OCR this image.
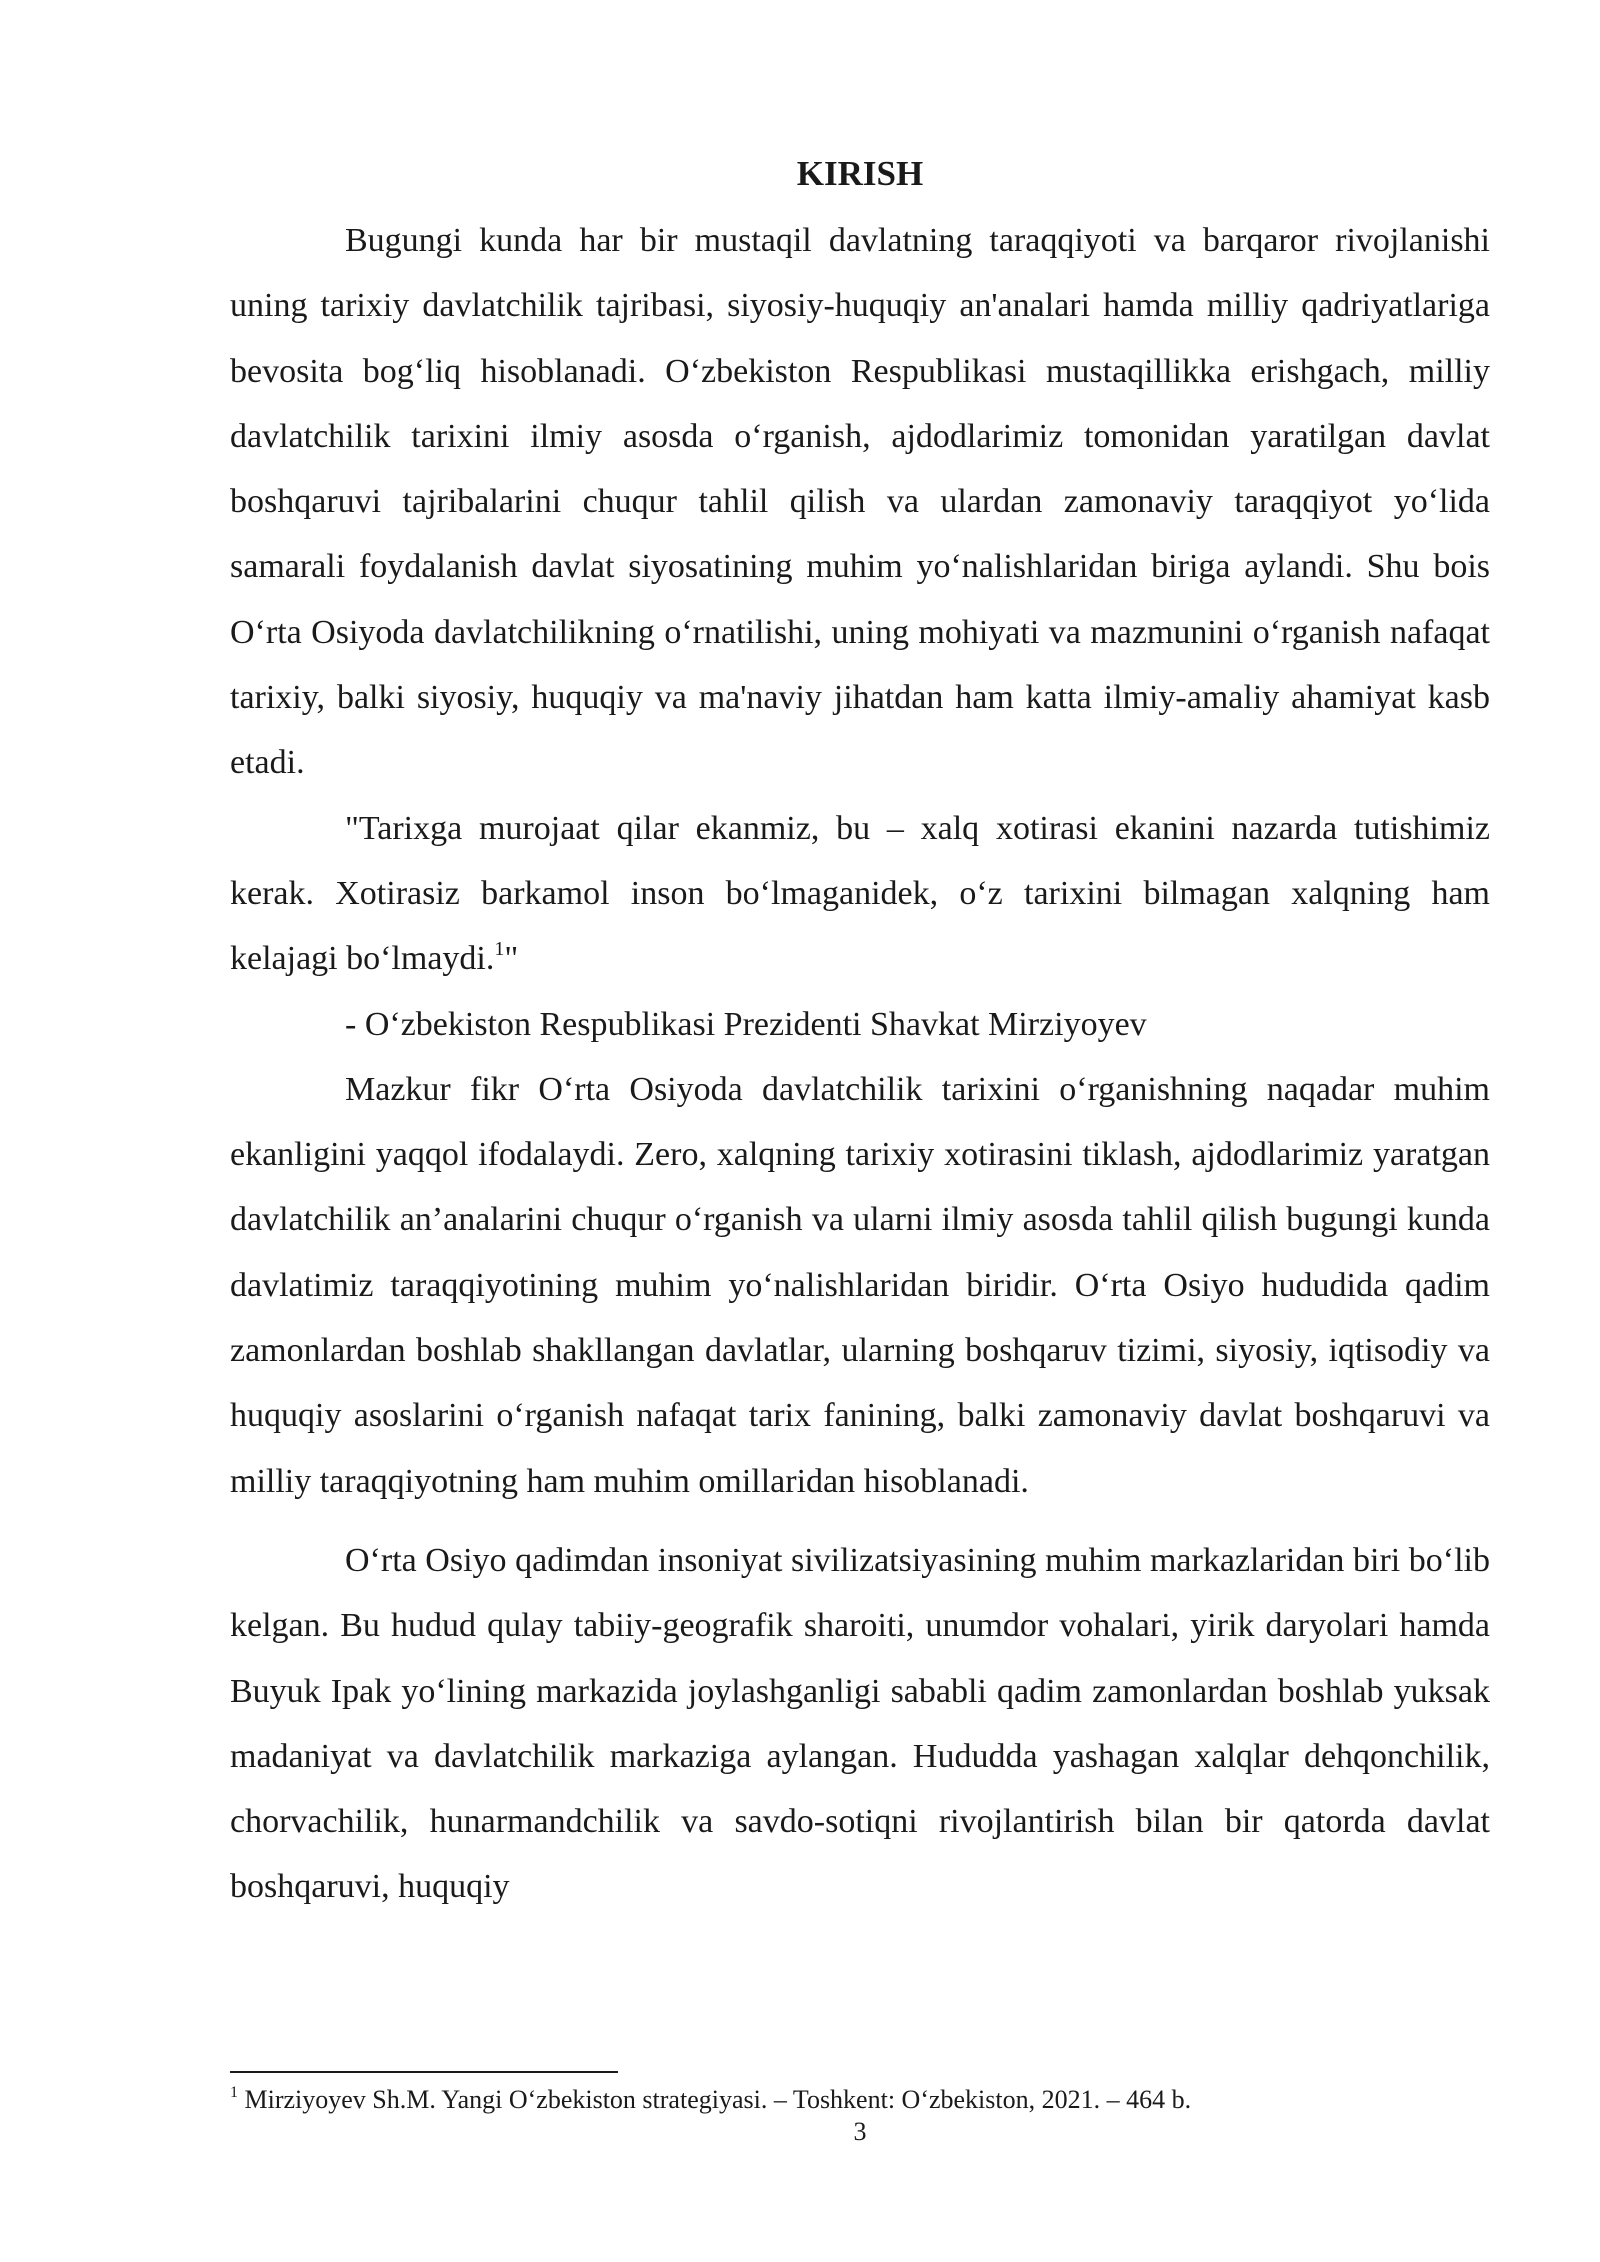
KIRISH

Bugungi kunda har bir mustaqil davlatning taraqqiyoti va barqaror rivojlanishi uning tarixiy davlatchilik tajribasi, siyosiy-huquqiy an'analari hamda milliy qadriyatlariga bevosita bog‘liq hisoblanadi. O‘zbekiston Respublikasi mustaqillikka erishgach, milliy davlatchilik tarixini ilmiy asosda o‘rganish, ajdodlarimiz tomonidan yaratilgan davlat boshqaruvi tajribalarini chuqur tahlil qilish va ulardan zamonaviy taraqqiyot yo‘lida samarali foydalanish davlat siyosatining muhim yo‘nalishlaridan biriga aylandi. Shu bois O‘rta Osiyoda davlatchilikning o‘rnatilishi, uning mohiyati va mazmunini o‘rganish nafaqat tarixiy, balki siyosiy, huquqiy va ma'naviy jihatdan ham katta ilmiy-amaliy ahamiyat kasb etadi.

"Tarixga murojaat qilar ekanmiz, bu – xalq xotirasi ekanini nazarda tutishimiz kerak. Xotirasiz barkamol inson bo‘lmaganidek, o‘z tarixini bilmagan xalqning ham kelajagi bo‘lmaydi.$^1$"

- O‘zbekiston Respublikasi Prezidenti Shavkat Mirziyoyev

Mazkur fikr O‘rta Osiyoda davlatchilik tarixini o‘rganishning naqadar muhim ekanligini yaqqol ifodalaydi. Zero, xalqning tarixiy xotirasini tiklash, ajdodlarimiz yaratgan davlatchilik an’analarini chuqur o‘rganish va ularni ilmiy asosda tahlil qilish bugungi kunda davlatimiz taraqqiyotining muhim yo‘nalishlaridan biridir. O‘rta Osiyo hududida qadim zamonlardan boshlab shakllangan davlatlar, ularning boshqaruv tizimi, siyosiy, iqtisodiy va huquqiy asoslarini o‘rganish nafaqat tarix fanining, balki zamonaviy davlat boshqaruvi va milliy taraqqiyotning ham muhim omillaridan hisoblanadi.

O‘rta Osiyo qadimdan insoniyat sivilizatsiyasining muhim markazlaridan biri bo‘lib kelgan. Bu hudud qulay tabiiy-geografik sharoiti, unumdor vohalari, yirik daryolari hamda Buyuk Ipak yo‘lining markazida joylashganligi sababli qadim zamonlardan boshlab yuksak madaniyat va davlatchilik markaziga aylangan. Hududda yashagan xalqlar dehqonchilik, chorvachilik, hunarmandchilik va savdo-sotiqni rivojlantirish bilan bir qatorda davlat boshqaruvi, huquqiy

$^1$ Mirziyoyev Sh.M. Yangi O‘zbekiston strategiyasi. – Toshkent: O‘zbekiston, 2021. – 464 b.
3
